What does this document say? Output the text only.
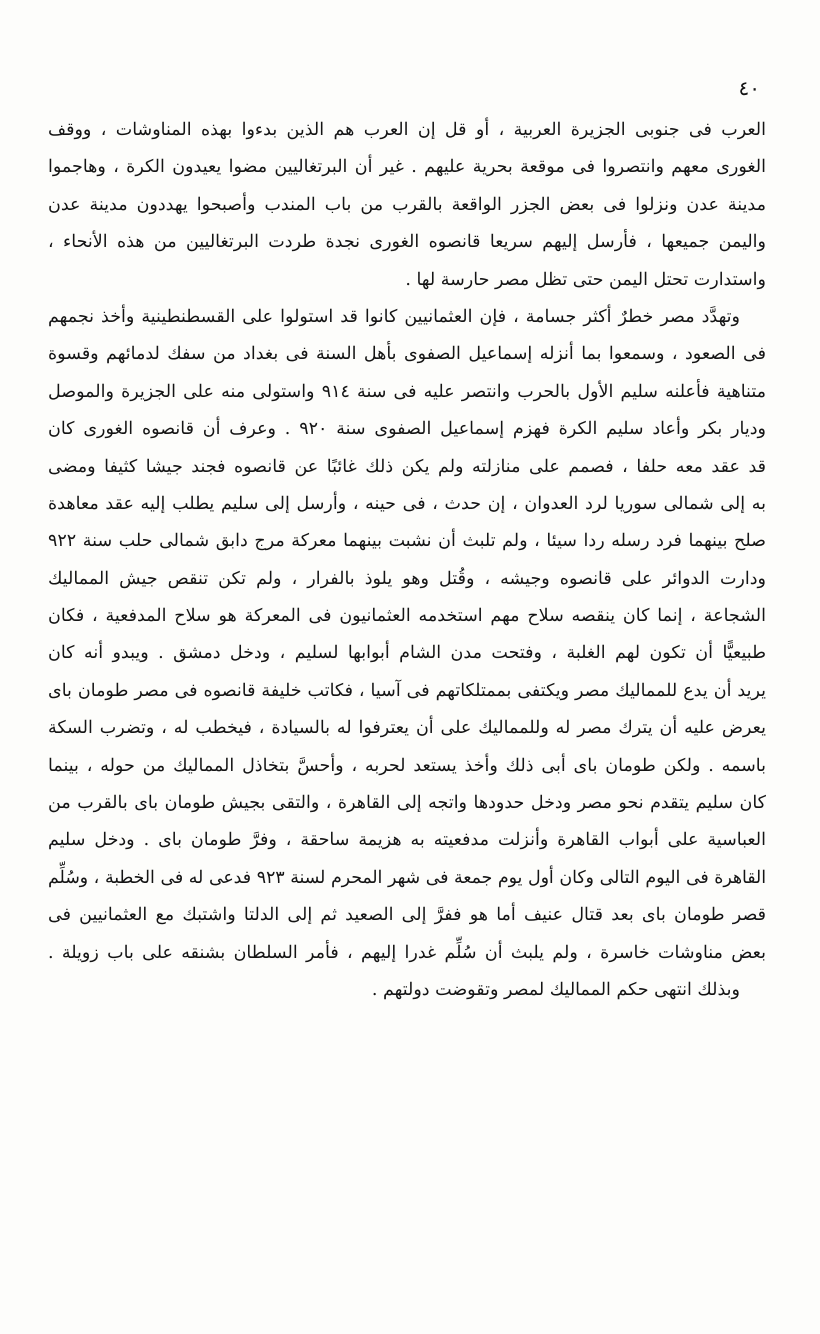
٤٠
العرب فى جنوبى الجزيرة العربية ، أو قل إن العرب هم الذين بدءوا بهذه المناوشات ، ووقف
الغورى معهم وانتصروا فى موقعة بحرية عليهم . غير أن البرتغاليين مضوا يعيدون الكرة ، وهاجموا
مدينة عدن ونزلوا فى بعض الجزر الواقعة بالقرب من باب المندب وأصبحوا يهددون مدينة عدن
واليمن جميعها ، فأرسل إليهم سريعا قانصوه الغورى نجدة طردت البرتغاليين من هذه الأنحاء ،
واستدارت تحتل اليمن حتى تظل مصر حارسة لها .
وتهدَّد مصر خطرٌ أكثر جسامة ، فإن العثمانيين كانوا قد استولوا على القسطنطينية وأخذ نجمهم
فى الصعود ، وسمعوا بما أنزله إسماعيل الصفوى بأهل السنة فى بغداد من سفك لدمائهم وقسوة
متناهية فأعلنه سليم الأول بالحرب وانتصر عليه فى سنة ٩١٤ واستولى منه على الجزيرة والموصل
وديار بكر وأعاد سليم الكرة فهزم إسماعيل الصفوى سنة ٩٢٠ . وعرف أن قانصوه الغورى كان
قد عقد معه حلفا ، فصمم على منازلته ولم يكن ذلك غائبًا عن قانصوه فجند جيشا كثيفا ومضى
به إلى شمالى سوريا لرد العدوان ، إن حدث ، فى حينه ، وأرسل إلى سليم يطلب إليه عقد معاهدة
صلح بينهما فرد رسله ردا سيئا ، ولم تلبث أن نشبت بينهما معركة مرج دابق شمالى حلب سنة ٩٢٢
ودارت الدوائر على قانصوه وجيشه ، وقُتل وهو يلوذ بالفرار ، ولم تكن تنقص جيش المماليك
الشجاعة ، إنما كان ينقصه سلاح مهم استخدمه العثمانيون فى المعركة هو سلاح المدفعية ، فكان
طبيعيًّا أن تكون لهم الغلبة ، وفتحت مدن الشام أبوابها لسليم ، ودخل دمشق . ويبدو أنه كان
يريد أن يدع للمماليك مصر ويكتفى بممتلكاتهم فى آسيا ، فكاتب خليفة قانصوه فى مصر طومان باى
يعرض عليه أن يترك مصر له وللمماليك على أن يعترفوا له بالسيادة ، فيخطب له ، وتضرب السكة
باسمه . ولكن طومان باى أبى ذلك وأخذ يستعد لحربه ، وأحسَّ بتخاذل المماليك من حوله ، بينما
كان سليم يتقدم نحو مصر ودخل حدودها واتجه إلى القاهرة ، والتقى بجيش طومان باى بالقرب من
العباسية على أبواب القاهرة وأنزلت مدفعيته به هزيمة ساحقة ، وفرَّ طومان باى . ودخل سليم
القاهرة فى اليوم التالى وكان أول يوم جمعة فى شهر المحرم لسنة ٩٢٣ فدعى له فى الخطبة ، وسُلِّم
قصر طومان باى بعد قتال عنيف أما هو ففرَّ إلى الصعيد ثم إلى الدلتا واشتبك مع العثمانيين فى
بعض مناوشات خاسرة ، ولم يلبث أن سُلِّم غدرا إليهم ، فأمر السلطان بشنقه على باب زويلة .
وبذلك انتهى حكم المماليك لمصر وتقوضت دولتهم .
